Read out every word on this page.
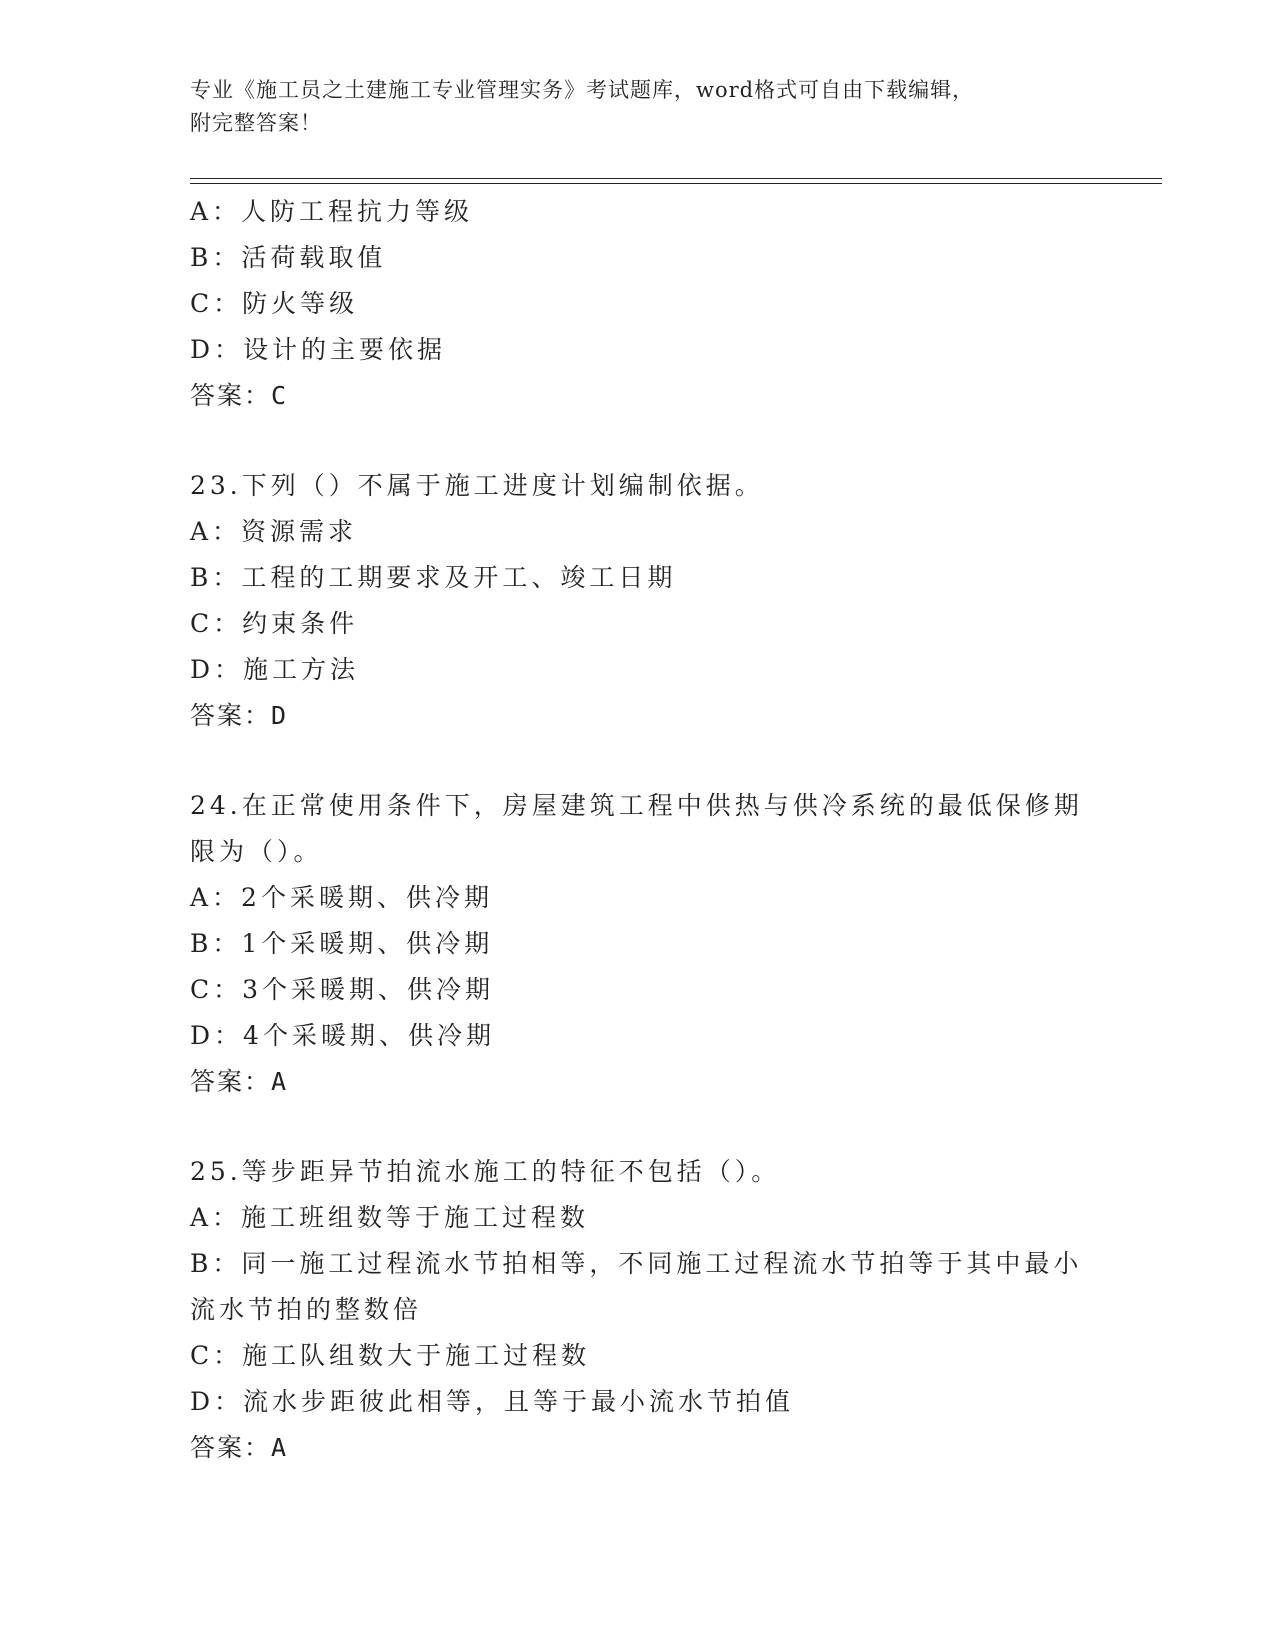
专业《施工员之土建施工专业管理实务》考试题库，word格式可自由下载编辑，
附完整答案！
A：人防工程抗力等级
B：活荷载取值
C：防火等级
D：设计的主要依据
答案：C
23.下列（）不属于施工进度计划编制依据。
A：资源需求
B：工程的工期要求及开工、竣工日期
C：约束条件
D：施工方法
答案：D
24.在正常使用条件下，房屋建筑工程中供热与供冷系统的最低保修期
限为（）。
A：2个采暖期、供冷期
B：1个采暖期、供冷期
C：3个采暖期、供冷期
D：4个采暖期、供冷期
答案：A
25.等步距异节拍流水施工的特征不包括（）。
A：施工班组数等于施工过程数
B：同一施工过程流水节拍相等，不同施工过程流水节拍等于其中最小
流水节拍的整数倍
C：施工队组数大于施工过程数
D：流水步距彼此相等，且等于最小流水节拍值
答案：A
